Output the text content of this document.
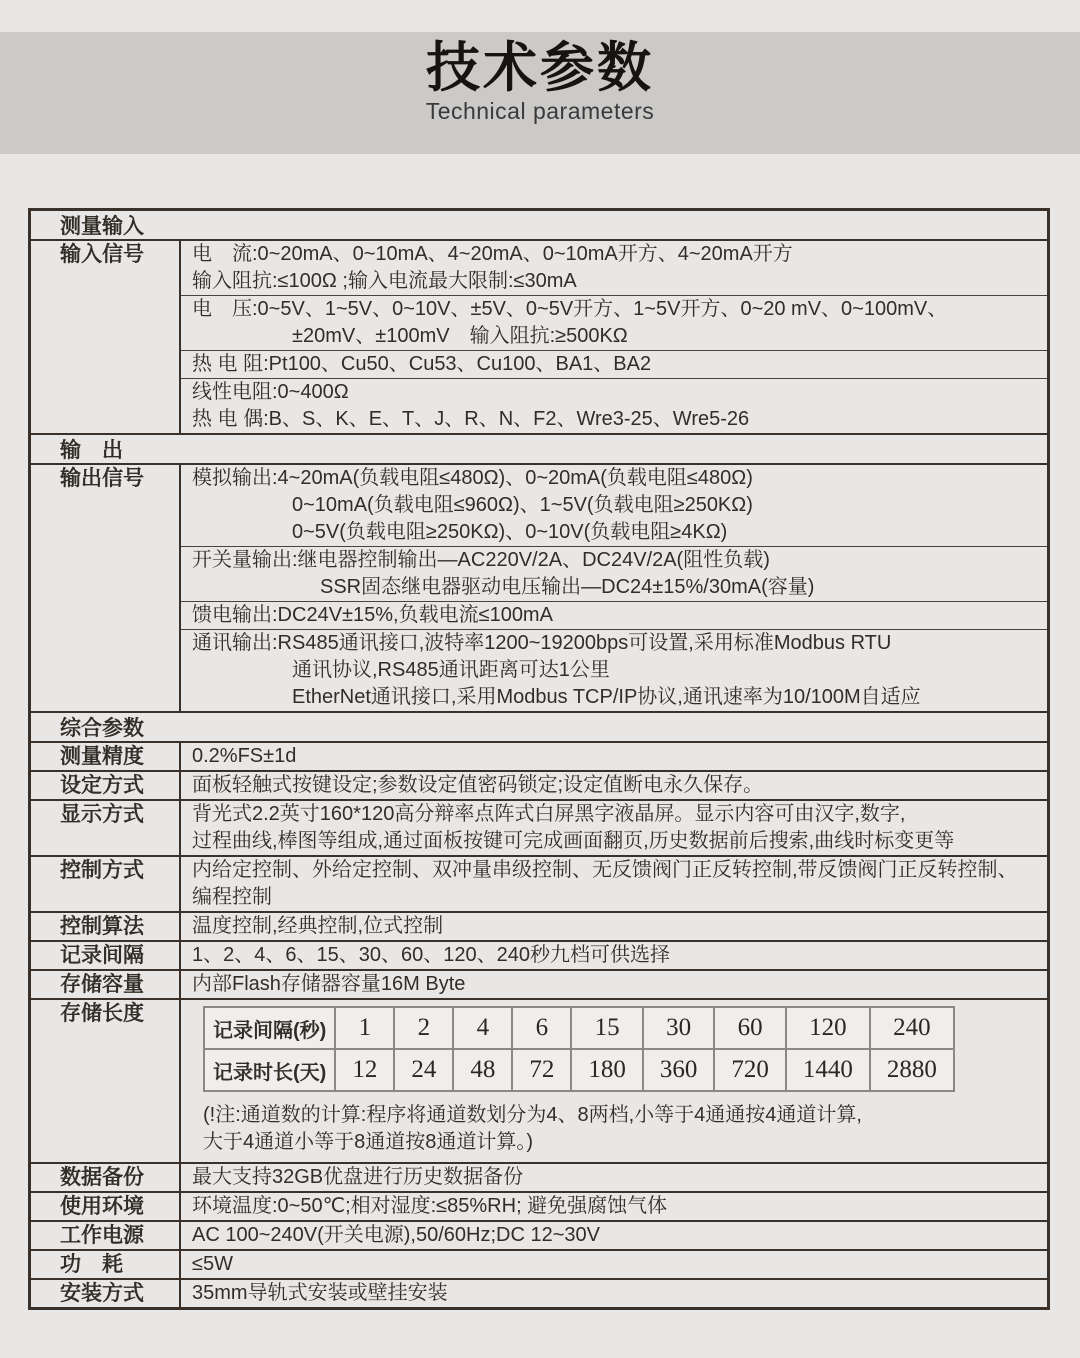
技术参数
Technical parameters
测量输入
输入信号	电　流:0~20mA、0~10mA、4~20mA、0~10mA开方、4~20mA开方
输入阻抗:≤100Ω ;输入电流最大限制:≤30mA
电　压:0~5V、1~5V、0~10V、±5V、0~5V开方、1~5V开方、0~20 mV、0~100mV、
±20mV、±100mV　输入阻抗:≥500KΩ
热 电 阻:Pt100、Cu50、Cu53、Cu100、BA1、BA2
线性电阻:0~400Ω
热 电 偶:B、S、K、E、T、J、R、N、F2、Wre3-25、Wre5-26
输　出
输出信号	模拟输出:4~20mA(负载电阻≤480Ω)、0~20mA(负载电阻≤480Ω)
0~10mA(负载电阻≤960Ω)、1~5V(负载电阻≥250KΩ)
0~5V(负载电阻≥250KΩ)、0~10V(负载电阻≥4KΩ)
开关量输出:继电器控制输出—AC220V/2A、DC24V/2A(阻性负载)
SSR固态继电器驱动电压输出—DC24±15%/30mA(容量)
馈电输出:DC24V±15%,负载电流≤100mA
通讯输出:RS485通讯接口,波特率1200~19200bps可设置,采用标准Modbus RTU
通讯协议,RS485通讯距离可达1公里
EtherNet通讯接口,采用Modbus TCP/IP协议,通讯速率为10/100M自适应
综合参数
测量精度	0.2%FS±1d
设定方式	面板轻触式按键设定;参数设定值密码锁定;设定值断电永久保存。
显示方式	背光式2.2英寸160*120高分辩率点阵式白屏黑字液晶屏。显示内容可由汉字,数字,
过程曲线,棒图等组成,通过面板按键可完成画面翻页,历史数据前后搜索,曲线时标变更等
控制方式	内给定控制、外给定控制、双冲量串级控制、无反馈阀门正反转控制,带反馈阀门正反转控制、
编程控制
控制算法	温度控制,经典控制,位式控制
记录间隔	1、2、4、6、15、30、60、120、240秒九档可供选择
存储容量	内部Flash存储器容量16M Byte
存储长度
记录间隔(秒)	1	2	4	6	15	30	60	120	240
记录时长(天)	12	24	48	72	180	360	720	1440	2880
(!注:通道数的计算:程序将通道数划分为4、8两档,小等于4通通按4通道计算,
大于4通道小等于8通道按8通道计算。)
数据备份	最大支持32GB优盘进行历史数据备份
使用环境	环境温度:0~50℃;相对湿度:≤85%RH; 避免强腐蚀气体
工作电源	AC 100~240V(开关电源),50/60Hz;DC 12~30V
功　耗	≤5W
安装方式	35mm导轨式安装或壁挂安装
